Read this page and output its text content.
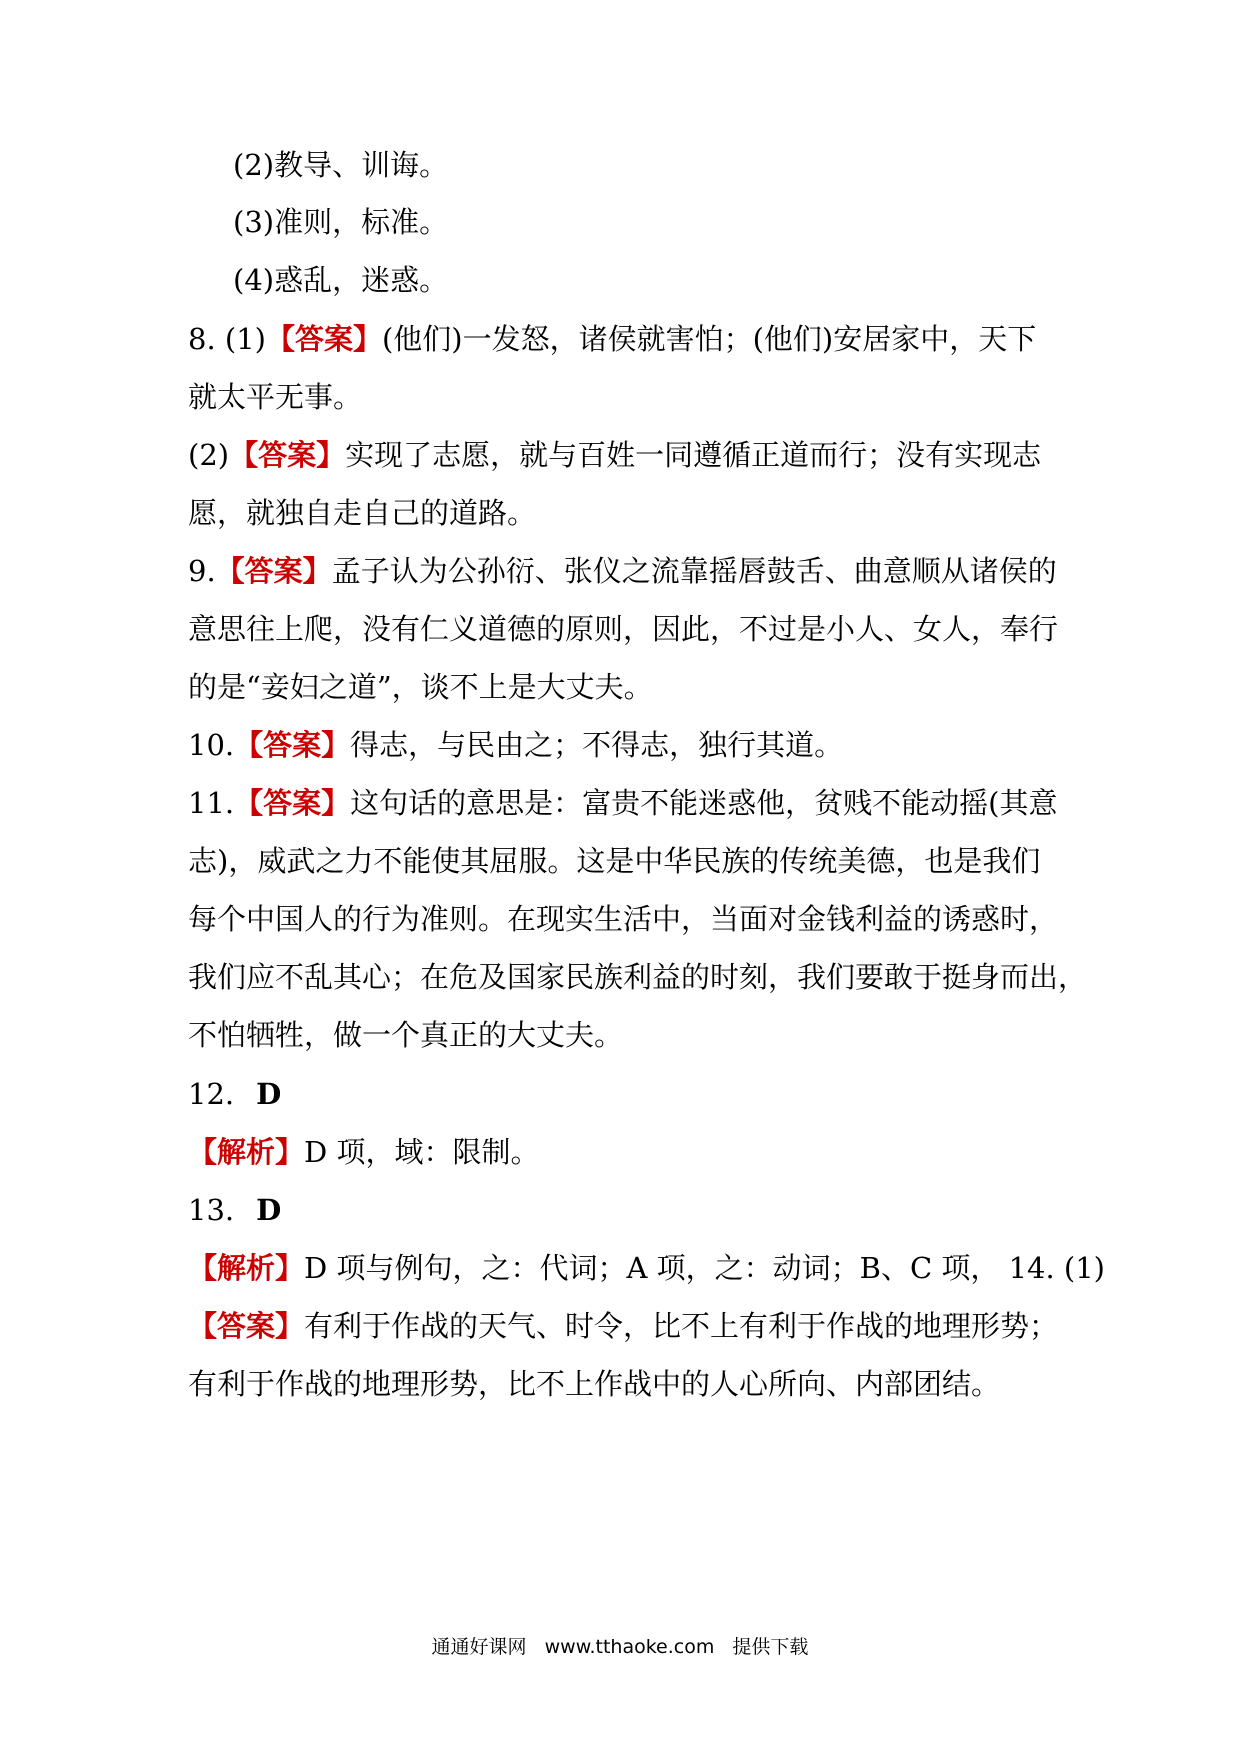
(2)教导、训诲。
(3)准则，标准。
(4)惑乱，迷惑。
8. (1)【答案】(他们)一发怒，诸侯就害怕；(他们)安居家中，天下
就太平无事。
(2)【答案】实现了志愿，就与百姓一同遵循正道而行；没有实现志
愿，就独自走自己的道路。
9.【答案】孟子认为公孙衍、张仪之流靠摇唇鼓舌、曲意顺从诸侯的
意思往上爬，没有仁义道德的原则，因此，不过是小人、女人，奉行
的是“妾妇之道”，谈不上是大丈夫。
10.【答案】得志，与民由之；不得志，独行其道。
11.【答案】这句话的意思是：富贵不能迷惑他，贫贱不能动摇(其意
志)，威武之力不能使其屈服。这是中华民族的传统美德，也是我们
每个中国人的行为准则。在现实生活中，当面对金钱利益的诱惑时，
我们应不乱其心；在危及国家民族利益的时刻，我们要敢于挺身而出，
不怕牺牲，做一个真正的大丈夫。
12. D
【解析】D 项，域：限制。
13. D
【解析】D 项与例句，之：代词；A 项，之：动词；B、C 项， 14. (1)
【答案】有利于作战的天气、时令，比不上有利于作战的地理形势；
有利于作战的地理形势，比不上作战中的人心所向、内部团结。
通通好课网 www.tthaoke.com 提供下载
